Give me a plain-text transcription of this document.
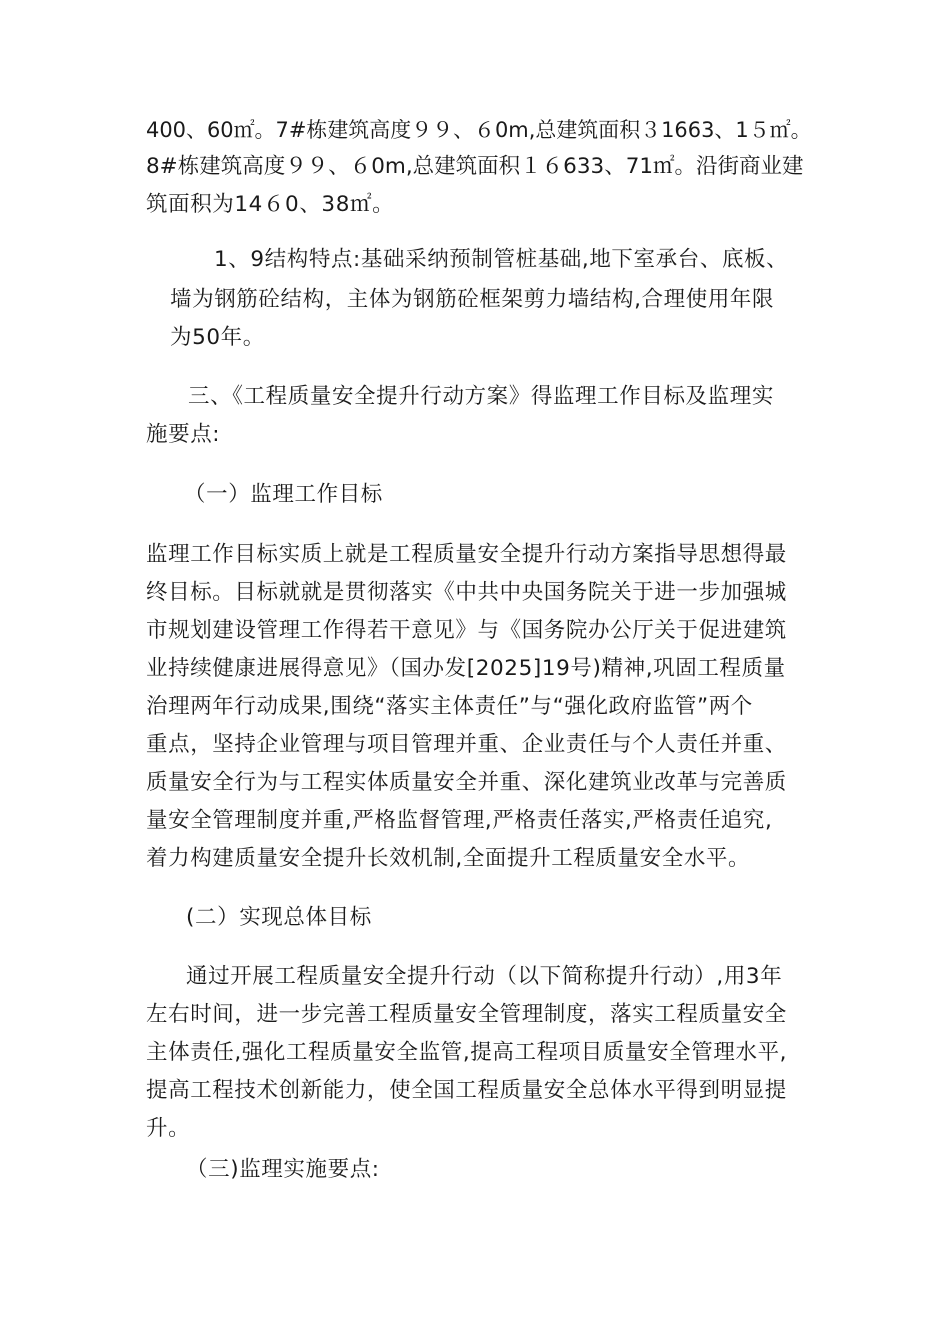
400、60㎡。7#栋建筑高度９９、６0m,总建筑面积３1663、1５㎡。
8#栋建筑高度９９、６0m,总建筑面积１６633、71㎡。沿街商业建
筑面积为14６0、38㎡。
1、9结构特点:基础采纳预制管桩基础,地下室承台、底板、
墙为钢筋砼结构，主体为钢筋砼框架剪力墙结构,合理使用年限
为50年。
三、《工程质量安全提升行动方案》得监理工作目标及监理实
施要点:
（一）监理工作目标
监理工作目标实质上就是工程质量安全提升行动方案指导思想得最
终目标。目标就就是贯彻落实《中共中央国务院关于进一步加强城
市规划建设管理工作得若干意见》与《国务院办公厅关于促进建筑
业持续健康进展得意见》（国办发[2025]19号)精神,巩固工程质量
治理两年行动成果,围绕“落实主体责任”与“强化政府监管”两个
重点，坚持企业管理与项目管理并重、企业责任与个人责任并重、
质量安全行为与工程实体质量安全并重、深化建筑业改革与完善质
量安全管理制度并重,严格监督管理,严格责任落实,严格责任追究,
着力构建质量安全提升长效机制,全面提升工程质量安全水平。
(二）实现总体目标
通过开展工程质量安全提升行动（以下简称提升行动）,用3年
左右时间，进一步完善工程质量安全管理制度，落实工程质量安全
主体责任,强化工程质量安全监管,提高工程项目质量安全管理水平,
提高工程技术创新能力，使全国工程质量安全总体水平得到明显提
升。
（三)监理实施要点:
